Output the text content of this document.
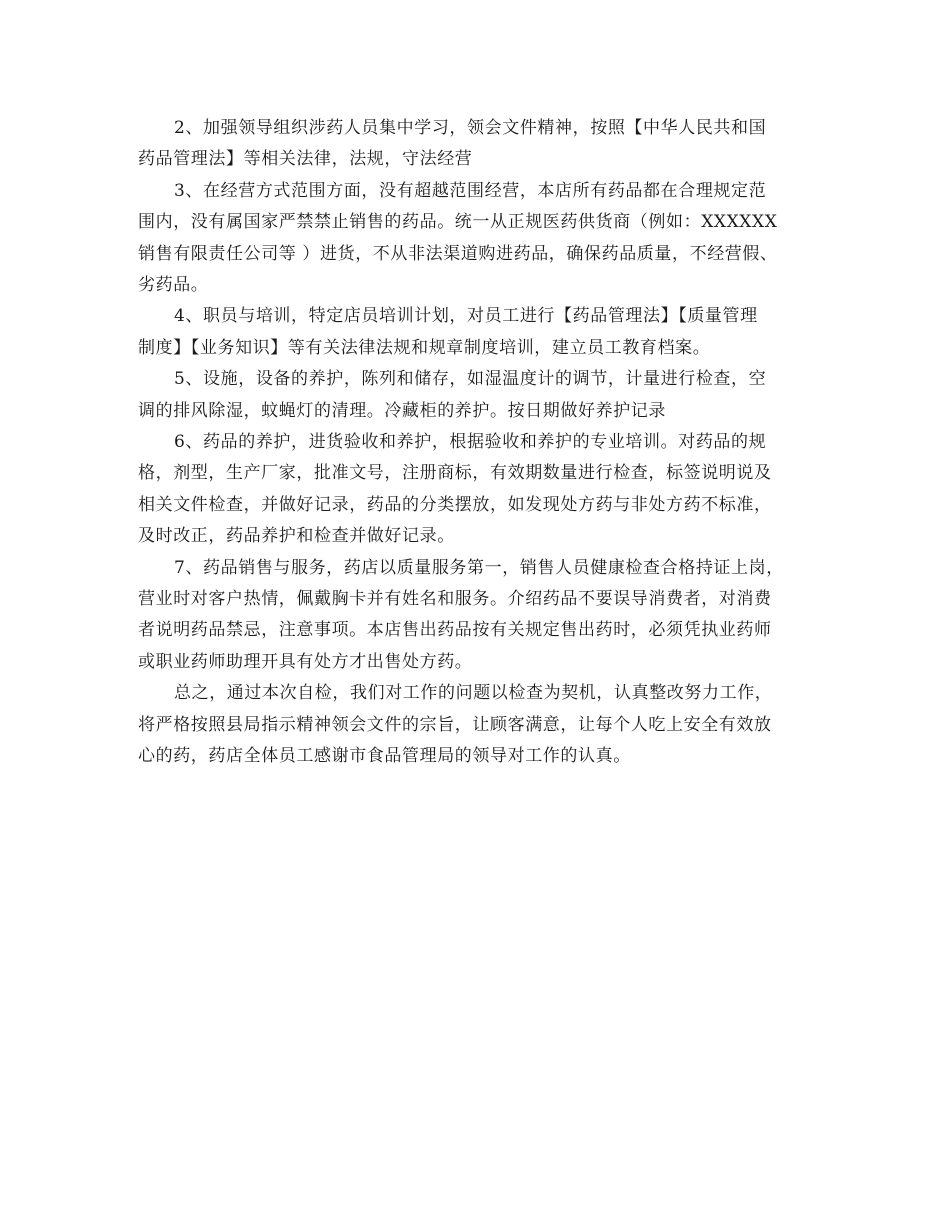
2、加强领导组织涉药人员集中学习，领会文件精神，按照【中华人民共和国
药品管理法】等相关法律，法规，守法经营
3、在经营方式范围方面，没有超越范围经营，本店所有药品都在合理规定范
围内，没有属国家严禁禁止销售的药品。统一从正规医药供货商（例如：XXXXXX
销售有限责任公司等 ）进货，不从非法渠道购进药品，确保药品质量，不经营假、
劣药品。
4、职员与培训，特定店员培训计划，对员工进行【药品管理法】【质量管理
制度】【业务知识】等有关法律法规和规章制度培训，建立员工教育档案。
5、设施，设备的养护，陈列和储存，如湿温度计的调节，计量进行检查，空
调的排风除湿，蚊蝇灯的清理。冷藏柜的养护。按日期做好养护记录
6、药品的养护，进货验收和养护，根据验收和养护的专业培训。对药品的规
格，剂型，生产厂家，批准文号，注册商标，有效期数量进行检查，标签说明说及
相关文件检查，并做好记录，药品的分类摆放，如发现处方药与非处方药不标准，
及时改正，药品养护和检查并做好记录。
7、药品销售与服务，药店以质量服务第一，销售人员健康检查合格持证上岗，
营业时对客户热情，佩戴胸卡并有姓名和服务。介绍药品不要误导消费者，对消费
者说明药品禁忌，注意事项。本店售出药品按有关规定售出药时，必须凭执业药师
或职业药师助理开具有处方才出售处方药。
总之，通过本次自检，我们对工作的问题以检查为契机，认真整改努力工作，
将严格按照县局指示精神领会文件的宗旨，让顾客满意，让每个人吃上安全有效放
心的药，药店全体员工感谢市食品管理局的领导对工作的认真。
